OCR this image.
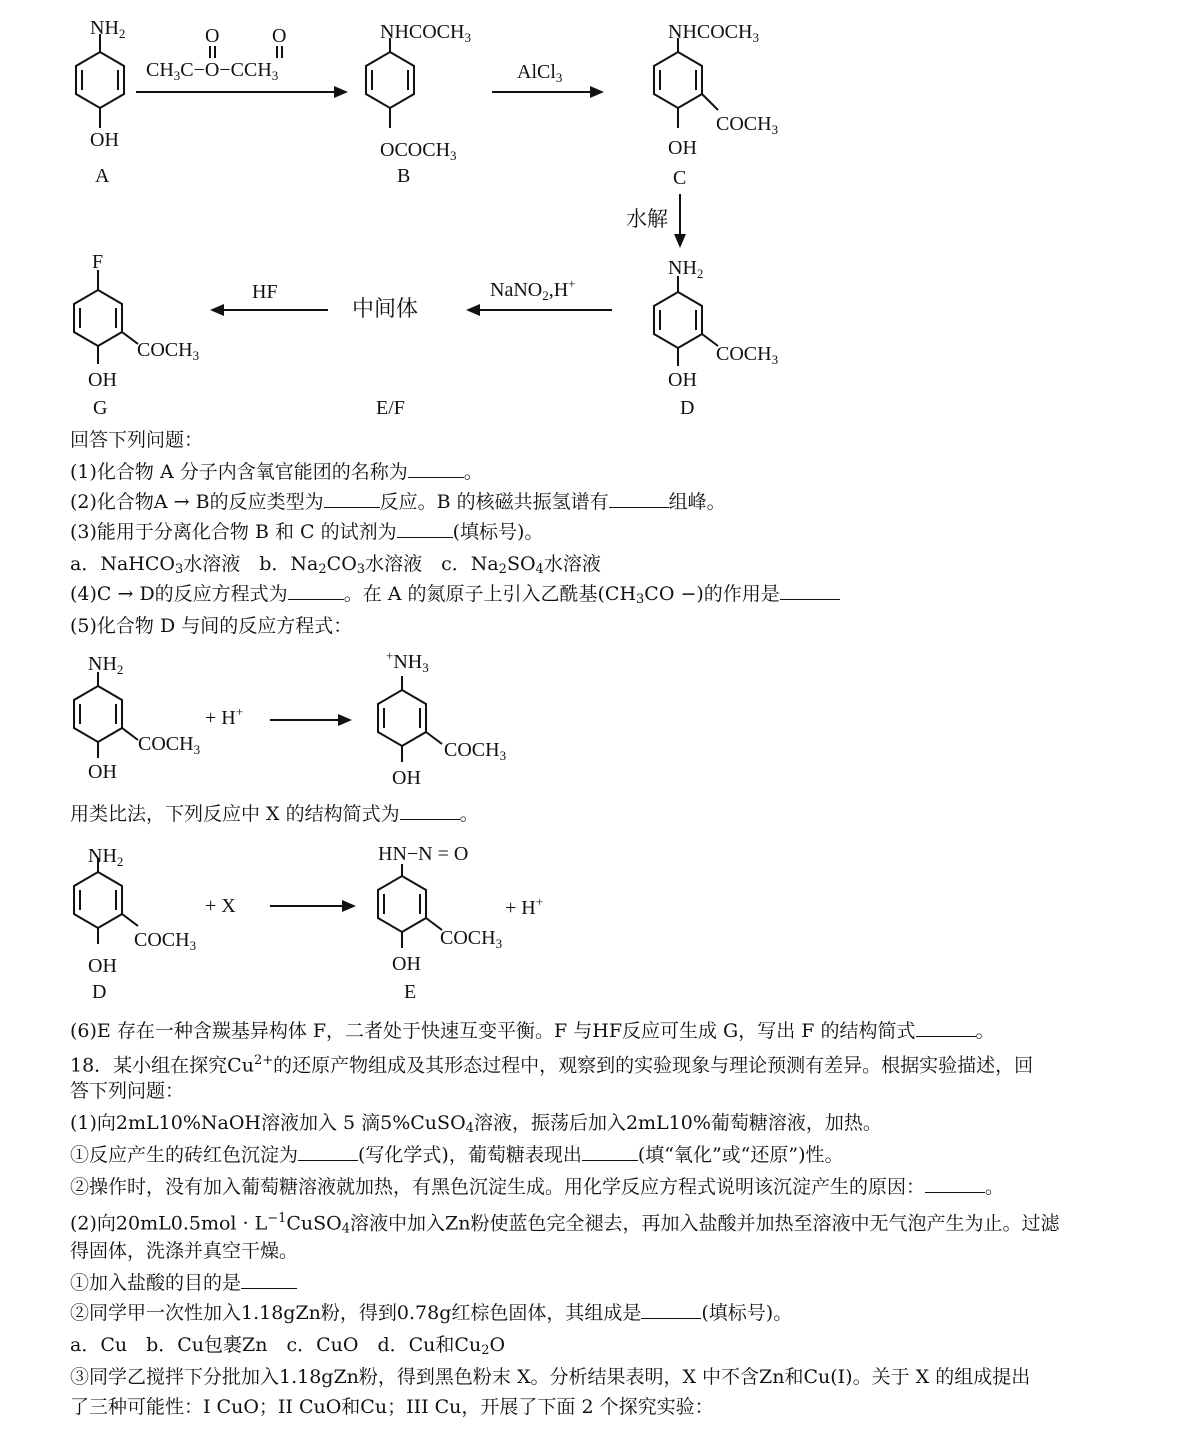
$NH_2$
OH
A
$CH_3C-O-CCH_3$
O	O	$NHCOCH_3$
$OCOCH_3$
B
AlCl$_3$
$NHCOCH_3$
$COCH_3$
OH
C
水解
$NH_2$
$COCH_3$
OH
D
NaNO$_2$,H+
中间体
E/F
HF
F
$COCH_3$
OH
G
$NH_2$
$COCH_3$
OH
+ H+
$^+NH_3$
$COCH_3$
OH
$NH_2$
$COCH_3$
OH
D
+ X
HN−N = O
$COCH_3$
OH
E
+ H+
回答下列问题：
(1)化合物 A 分子内含氧官能团的名称为	。
(2)化合物A → B的反应类型为	反应。B 的核磁共振氢谱有	组峰。
(3)能用于分离化合物 B 和 C 的试剂为	(填标号)。
a．NaHCO$_3$水溶液　b．$Na_2CO_3$水溶液　c．$Na_2SO_4$水溶液
(4)C → D的反应方程式为	。在 A 的氮原子上引入乙酰基($CH_3CO$ −)的作用是
(5)化合物 D 与间的反应方程式：
用类比法，下列反应中 X 的结构简式为	。
(6)E 存在一种含羰基异构体 F，二者处于快速互变平衡。F 与HF反应可生成 G，写出 F 的结构简式	。
18．某小组在探究$Cu^{2+}$的还原产物组成及其形态过程中，观察到的实验现象与理论预测有差异。根据实验描述，回
答下列问题：
(1)向2mL10%NaOH溶液加入 5 滴5%CuSO$_4$溶液，振荡后加入2mL10%葡萄糖溶液，加热。
①反应产生的砖红色沉淀为	(写化学式)，葡萄糖表现出	(填“氧化”或“还原”)性。
②操作时，没有加入葡萄糖溶液就加热，有黑色沉淀生成。用化学反应方程式说明该沉淀产生的原因：	。
(2)向$20mL0.5mol \cdot L^{-1}CuSO_4$溶液中加入Zn粉使蓝色完全褪去，再加入盐酸并加热至溶液中无气泡产生为止。过滤
得固体，洗涤并真空干燥。
①加入盐酸的目的是
②同学甲一次性加入1.18gZn粉，得到0.78g红棕色固体，其组成是	(填标号)。
a．Cu　b．Cu包裹Zn　c．CuO　d．Cu和$Cu_2O$
③同学乙搅拌下分批加入1.18gZn粉，得到黑色粉末 X。分析结果表明，X 中不含Zn和Cu(Ⅰ)。关于 X 的组成提出
了三种可能性：I CuO；II CuO和Cu；III Cu，开展了下面 2 个探究实验：
